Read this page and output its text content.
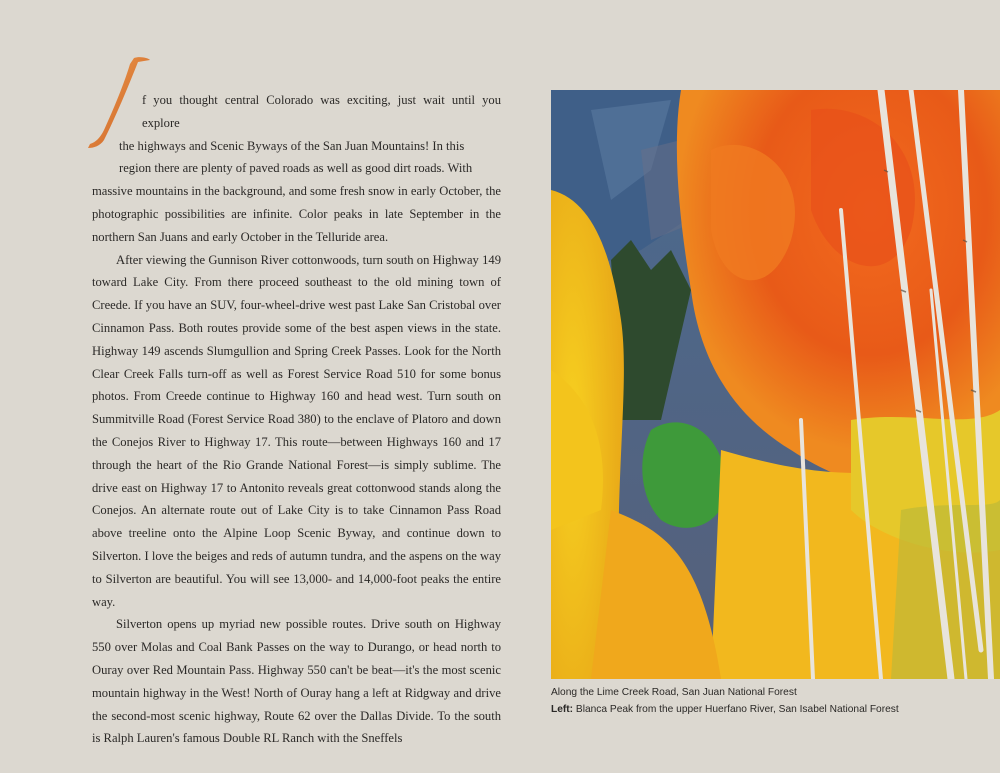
f you thought central Colorado was exciting, just wait until you explore
the highways and Scenic Byways of the San Juan Mountains! In this
region there are plenty of paved roads as well as good dirt roads. With
massive mountains in the background, and some fresh snow in early October, the photographic possibilities are infinite. Color peaks in late September in the northern San Juans and early October in the Telluride area.

After viewing the Gunnison River cottonwoods, turn south on Highway 149 toward Lake City. From there proceed southeast to the old mining town of Creede. If you have an SUV, four-wheel-drive west past Lake San Cristobal over Cinnamon Pass. Both routes provide some of the best aspen views in the state. Highway 149 ascends Slumgullion and Spring Creek Passes. Look for the North Clear Creek Falls turn-off as well as Forest Service Road 510 for some bonus photos. From Creede continue to Highway 160 and head west. Turn south on Summitville Road (Forest Service Road 380) to the enclave of Platoro and down the Conejos River to Highway 17. This route—between Highways 160 and 17 through the heart of the Rio Grande National Forest—is simply sublime. The drive east on Highway 17 to Antonito reveals great cottonwood stands along the Conejos. An alternate route out of Lake City is to take Cinnamon Pass Road above treeline onto the Alpine Loop Scenic Byway, and continue down to Silverton. I love the beiges and reds of autumn tundra, and the aspens on the way to Silverton are beautiful. You will see 13,000- and 14,000-foot peaks the entire way.

Silverton opens up myriad new possible routes. Drive south on Highway 550 over Molas and Coal Bank Passes on the way to Durango, or head north to Ouray over Red Mountain Pass. Highway 550 can't be beat—it's the most scenic mountain highway in the West! North of Ouray hang a left at Ridgway and drive the second-most scenic highway, Route 62 over the Dallas Divide. To the south is Ralph Lauren's famous Double RL Ranch with the Sneffels

Along the Lime Creek Road, San Juan National Forest
Left: Blanca Peak from the upper Huerfano River, San Isabel National Forest
